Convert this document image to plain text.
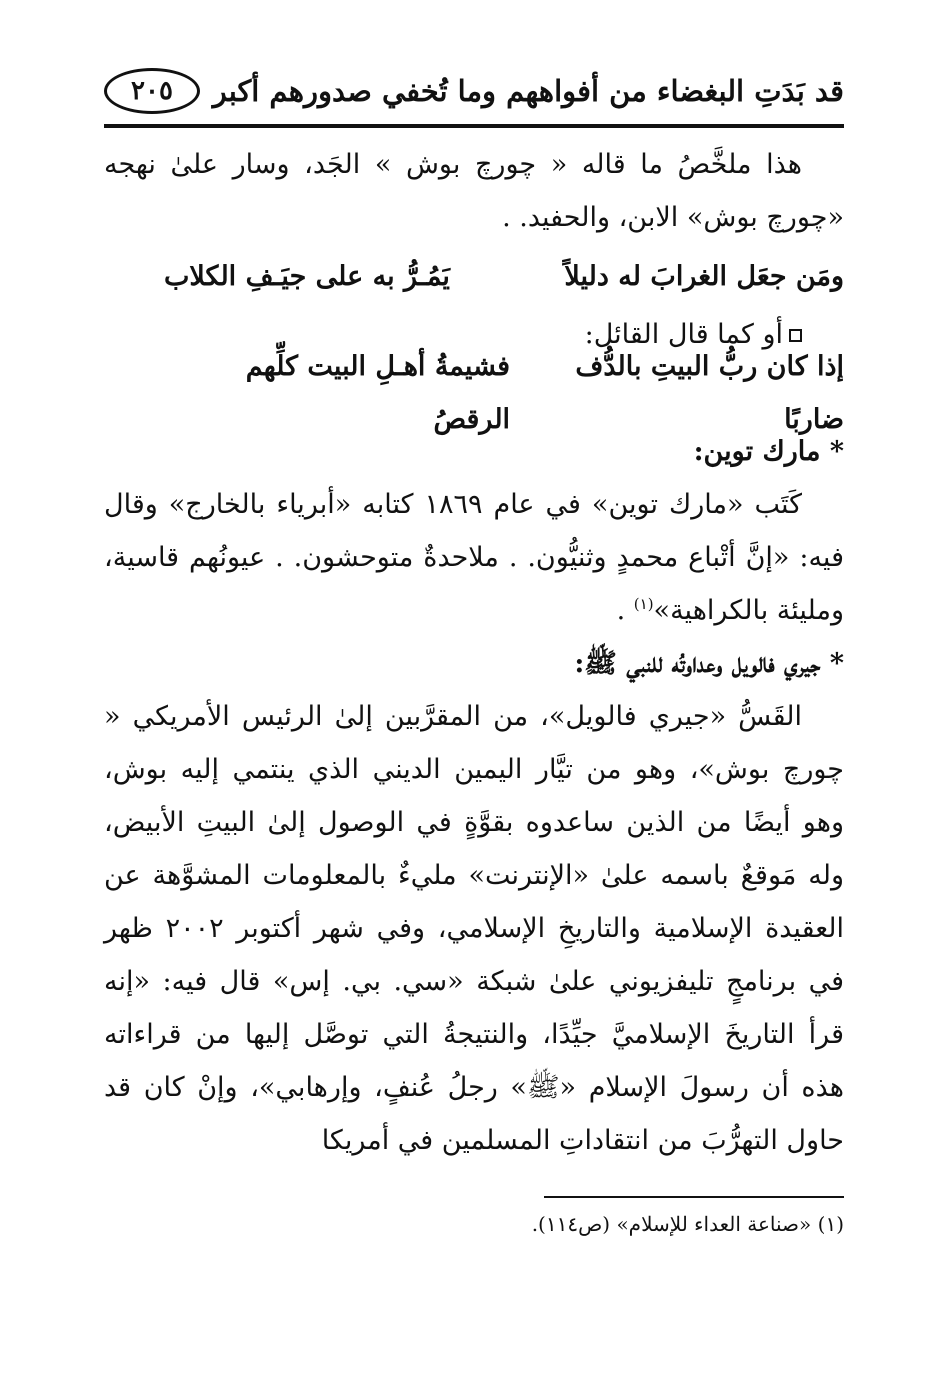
قد بَدَتِ البغضاء من أفواههم وما تُخفي صدورهم أكبر
٢٠٥

هذا ملخَّصُ ما قاله « چورچ بوش » الجَد، وسار علىٰ نهجه «چورچ بوش» الابن، والحفيد. .

ومَن جعَل الغرابَ له دليلاً
يَمُـرُّ به على جيَـفِ الكلاب

أو كما قال القائل:

إذا كان ربُّ البيتِ بالدُّف ضاربًا
فشيمةُ أهـلِ البيت كلِّهم الرقصُ

* مارك توين:

كَتَب «مارك توين» في عام ١٨٦٩ كتابه «أبرياء بالخارج» وقال فيه: «إنَّ أتْباع محمدٍ وثنيُّون. . ملاحدةٌ متوحشون. . عيونُهم قاسية، ومليئة بالكراهية»$^{(١)}$ .

* جيري فالويل وعداوتُه للنبي ﷺ:

القَسُّ «جيري فالويل»، من المقرَّبين إلىٰ الرئيس الأمريكي « چورچ بوش»، وهو من تيَّار اليمين الديني الذي ينتمي إليه بوش، وهو أيضًا من الذين ساعدوه بقوَّةٍ في الوصول إلىٰ البيتِ الأبيض، وله مَوقعٌ باسمه علىٰ «الإنترنت» مليءٌ بالمعلومات المشوَّهة عن العقيدة الإسلامية والتاريخِ الإسلامي، وفي شهر أكتوبر ٢٠٠٢ ظهر في برنامجٍ تليفزيوني علىٰ شبكة «سي. بي. إس» قال فيه: «إنه قرأ التاريخَ الإسلاميَّ جيِّدًا، والنتيجةُ التي توصَّل إليها من قراءاته هذه أن رسولَ الإسلام «ﷺ» رجلُ عُنفٍ، وإرهابي»، وإنْ كان قد حاول التهرُّبَ من انتقاداتِ المسلمين في أمريكا

(١) «صناعة العداء للإسلام» (ص١١٤).
